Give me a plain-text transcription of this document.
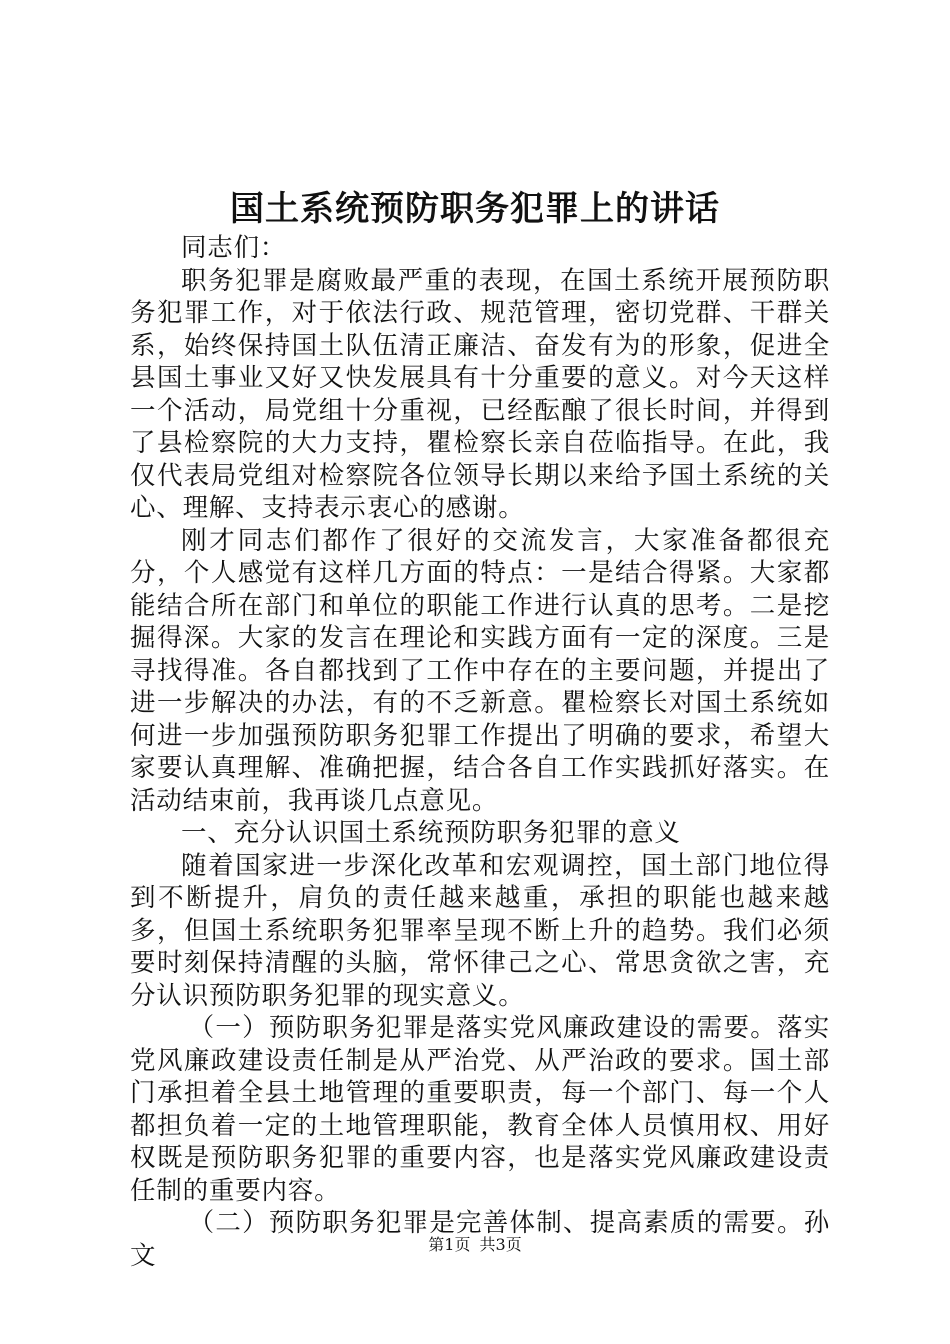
国土系统预防职务犯罪上的讲话

同志们：

职务犯罪是腐败最严重的表现，在国土系统开展预防职务犯罪工作，对于依法行政、规范管理，密切党群、干群关系，始终保持国土队伍清正廉洁、奋发有为的形象，促进全县国土事业又好又快发展具有十分重要的意义。对今天这样一个活动，局党组十分重视，已经酝酿了很长时间，并得到了县检察院的大力支持，瞿检察长亲自莅临指导。在此，我仅代表局党组对检察院各位领导长期以来给予国土系统的关心、理解、支持表示衷心的感谢。

刚才同志们都作了很好的交流发言，大家准备都很充分，个人感觉有这样几方面的特点：一是结合得紧。大家都能结合所在部门和单位的职能工作进行认真的思考。二是挖掘得深。大家的发言在理论和实践方面有一定的深度。三是寻找得准。各自都找到了工作中存在的主要问题，并提出了进一步解决的办法，有的不乏新意。瞿检察长对国土系统如何进一步加强预防职务犯罪工作提出了明确的要求，希望大家要认真理解、准确把握，结合各自工作实践抓好落实。在活动结束前，我再谈几点意见。

一、充分认识国土系统预防职务犯罪的意义

随着国家进一步深化改革和宏观调控，国土部门地位得到不断提升，肩负的责任越来越重，承担的职能也越来越多，但国土系统职务犯罪率呈现不断上升的趋势。我们必须要时刻保持清醒的头脑，常怀律己之心、常思贪欲之害，充分认识预防职务犯罪的现实意义。

（一）预防职务犯罪是落实党风廉政建设的需要。落实党风廉政建设责任制是从严治党、从严治政的要求。国土部门承担着全县土地管理的重要职责，每一个部门、每一个人都担负着一定的土地管理职能，教育全体人员慎用权、用好权既是预防职务犯罪的重要内容，也是落实党风廉政建设责任制的重要内容。

（二）预防职务犯罪是完善体制、提高素质的需要。孙文	第1页 共3页
